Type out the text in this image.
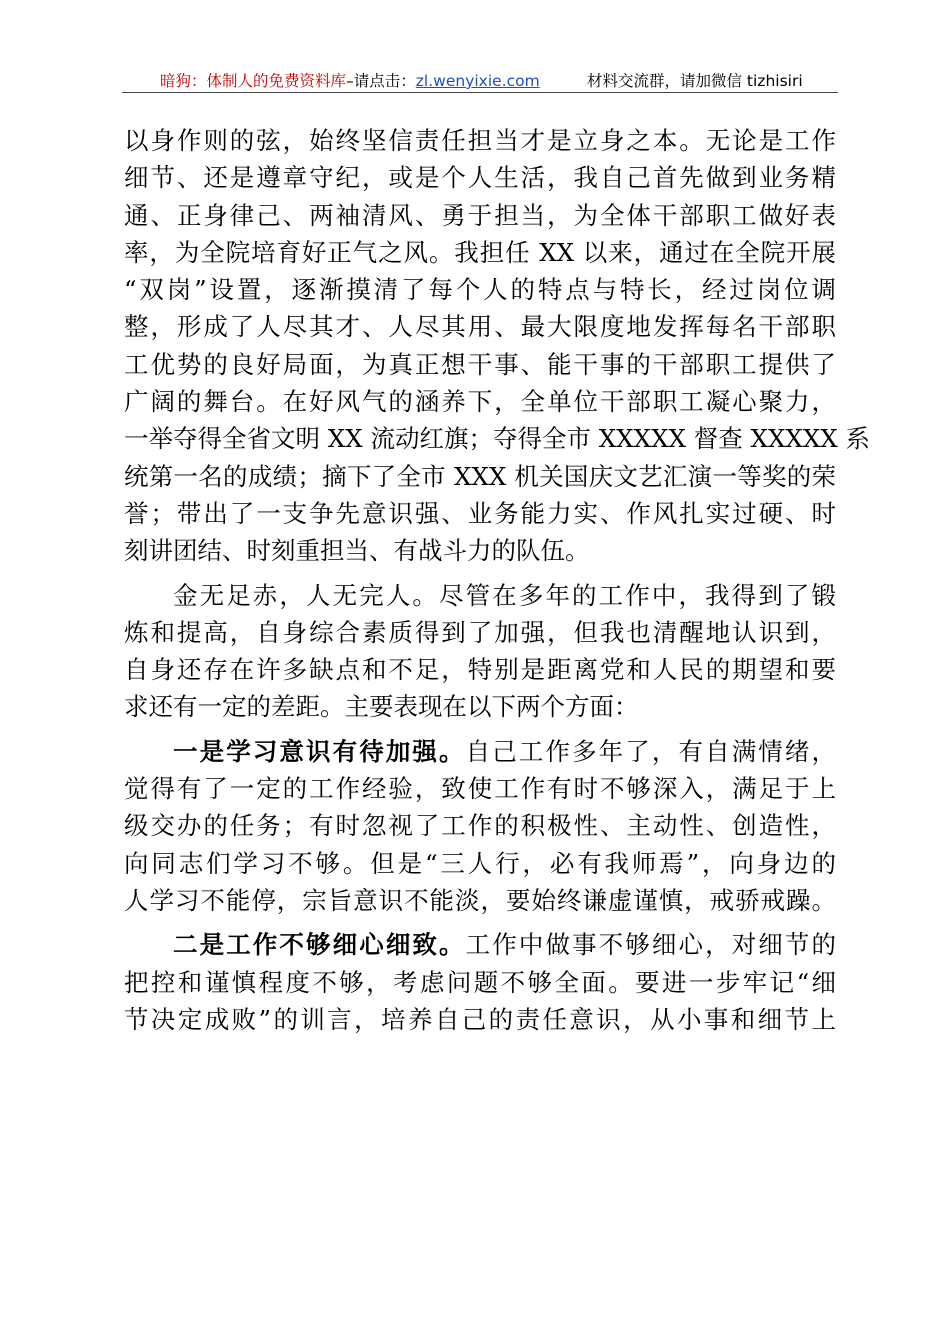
暗狗：体制人的免费资料库–请点击：zl.wenyixie.com	材料交流群，请加微信 tizhisiri
以身作则的弦，始终坚信责任担当才是立身之本。无论是工作
细节、还是遵章守纪，或是个人生活，我自己首先做到业务精
通、正身律己、两袖清风、勇于担当，为全体干部职工做好表
率，为全院培育好正气之风。我担任 XX 以来，通过在全院开展
“双岗”设置，逐渐摸清了每个人的特点与特长，经过岗位调
整，形成了人尽其才、人尽其用、最大限度地发挥每名干部职
工优势的良好局面，为真正想干事、能干事的干部职工提供了
广阔的舞台。在好风气的涵养下，全单位干部职工凝心聚力，
一举夺得全省文明 XX 流动红旗；夺得全市 XXXXX 督查 XXXXX 系
统第一名的成绩；摘下了全市 XXX 机关国庆文艺汇演一等奖的荣
誉；带出了一支争先意识强、业务能力实、作风扎实过硬、时
刻讲团结、时刻重担当、有战斗力的队伍。
金无足赤，人无完人。尽管在多年的工作中，我得到了锻
炼和提高，自身综合素质得到了加强，但我也清醒地认识到，
自身还存在许多缺点和不足，特别是距离党和人民的期望和要
求还有一定的差距。主要表现在以下两个方面：
一是学习意识有待加强。自己工作多年了，有自满情绪，
觉得有了一定的工作经验，致使工作有时不够深入，满足于上
级交办的任务；有时忽视了工作的积极性、主动性、创造性，
向同志们学习不够。但是“三人行，必有我师焉”，向身边的
人学习不能停，宗旨意识不能淡，要始终谦虚谨慎，戒骄戒躁。
二是工作不够细心细致。工作中做事不够细心，对细节的
把控和谨慎程度不够，考虑问题不够全面。要进一步牢记“细
节决定成败”的训言，培养自己的责任意识，从小事和细节上
